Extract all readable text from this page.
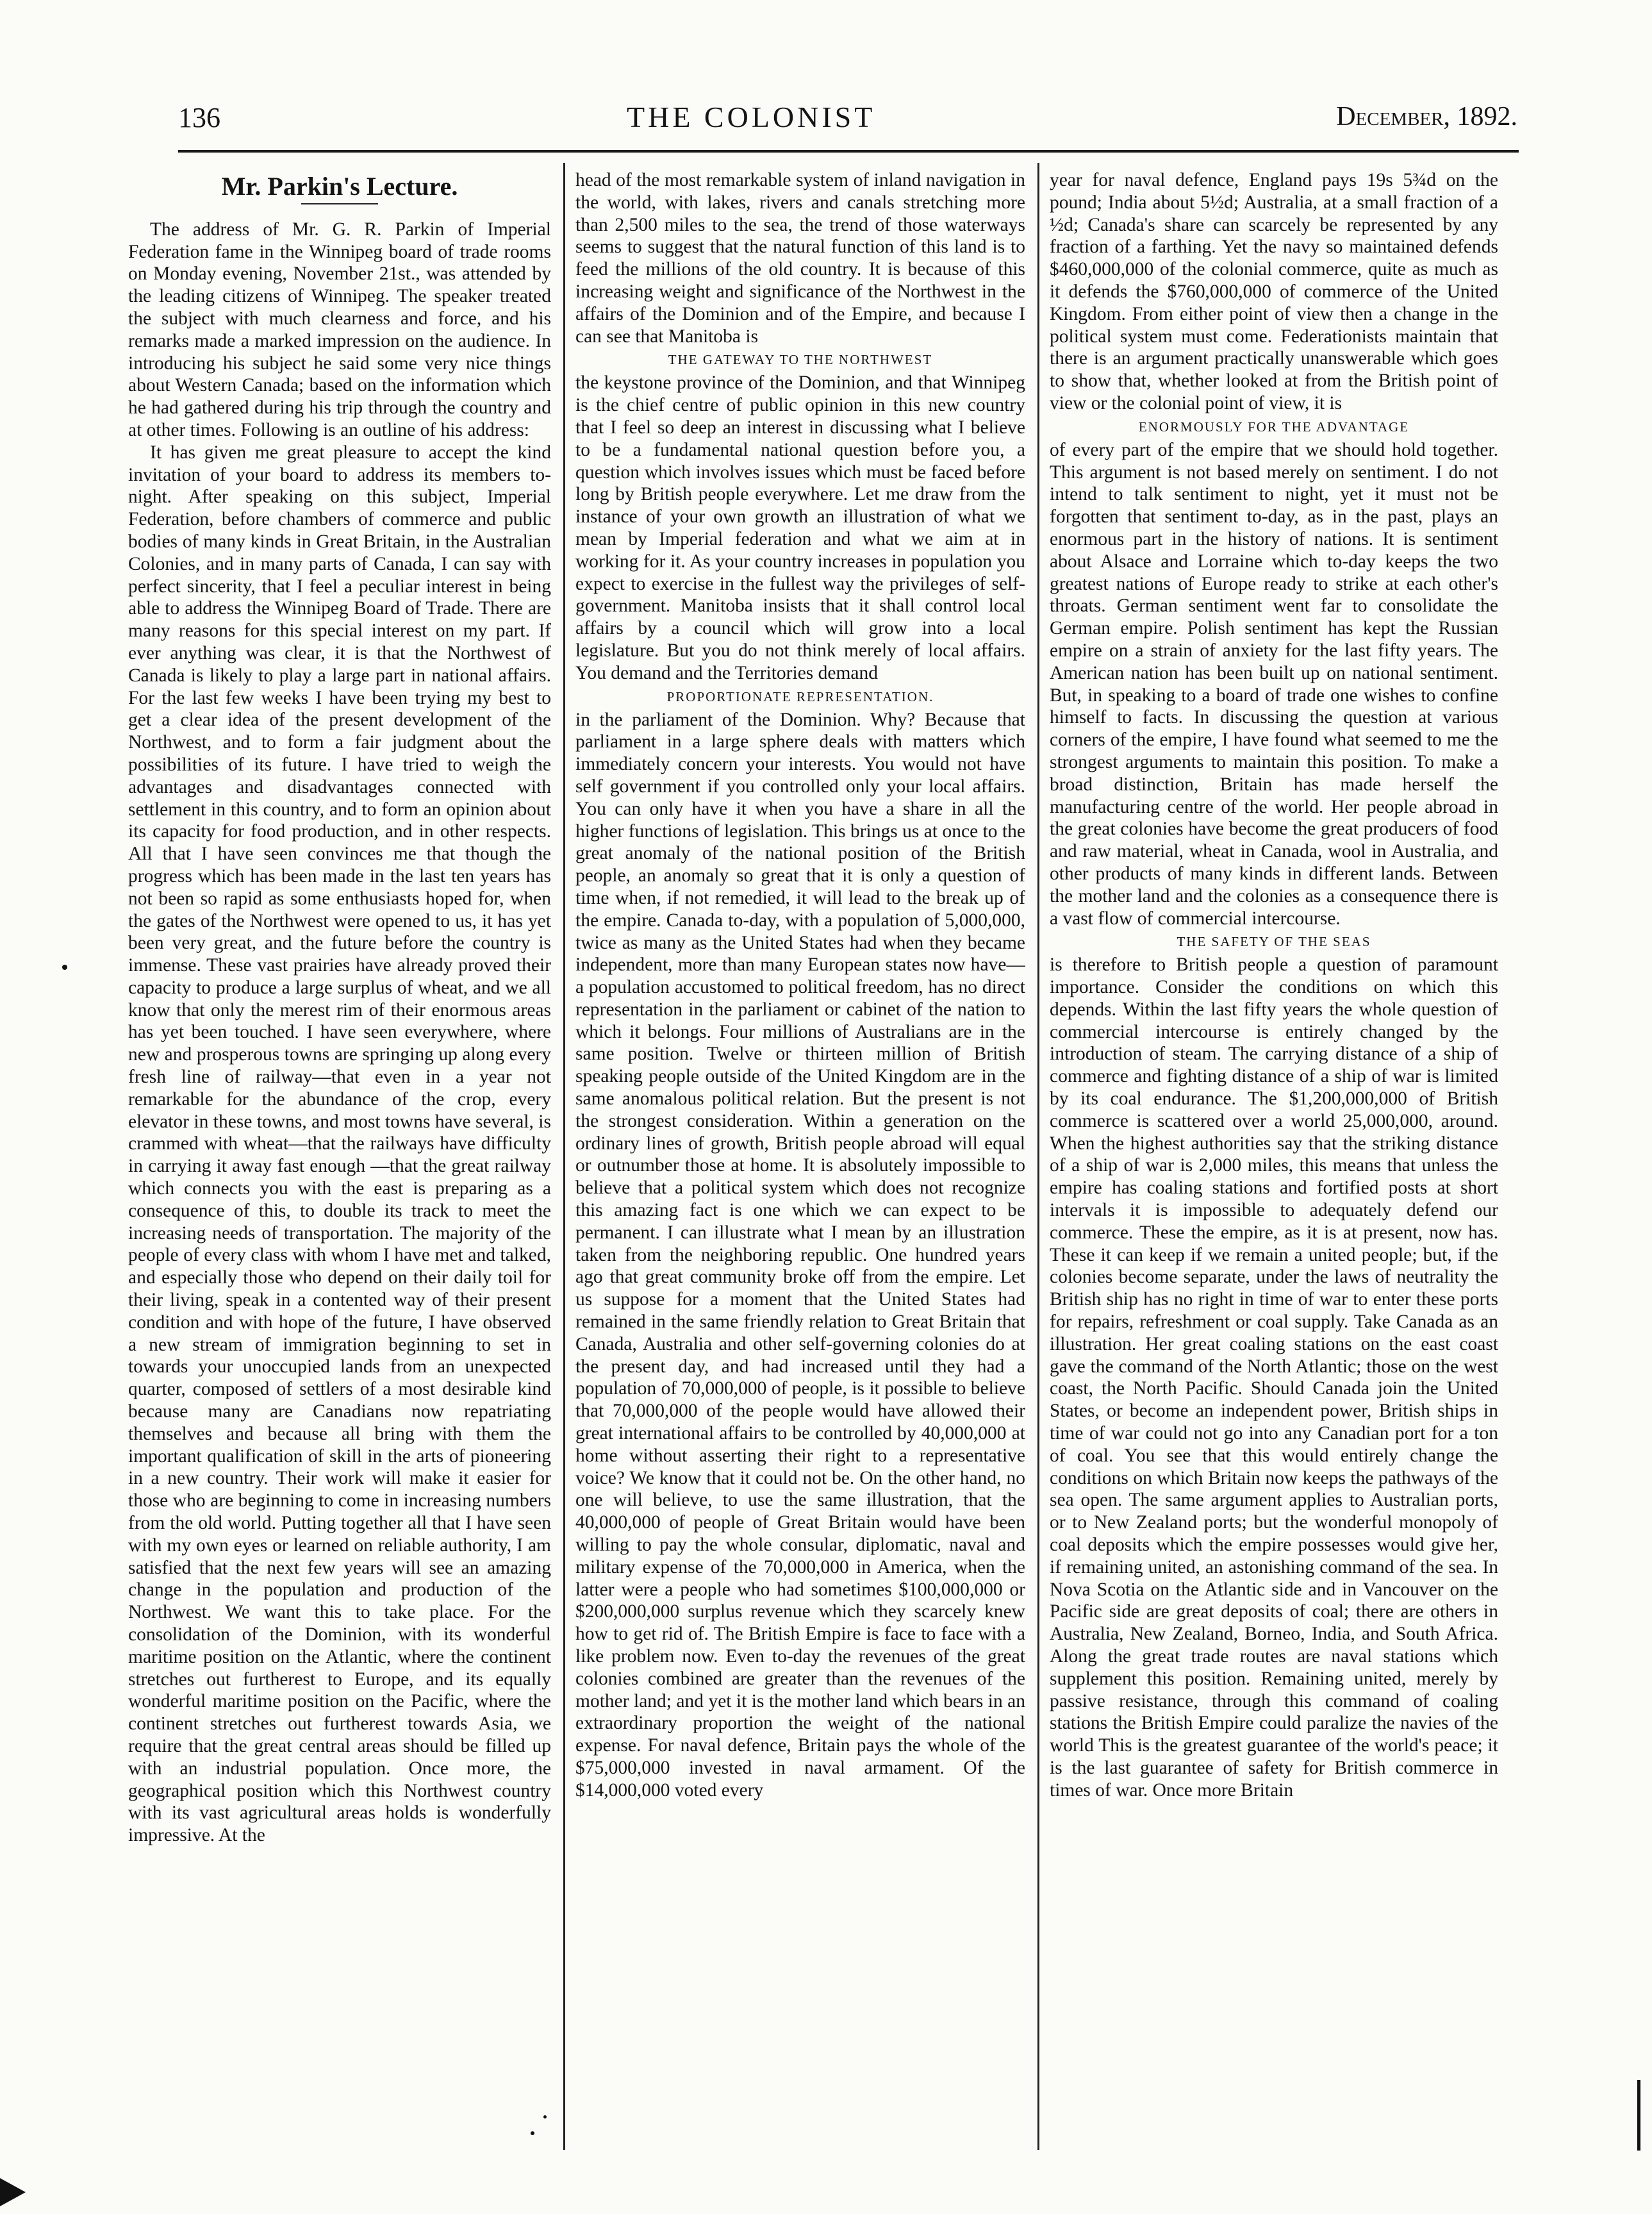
136	THE COLONIST	December, 1892.
Mr. Parkin's Lecture.

The address of Mr. G. R. Parkin of Imperial Federation fame in the Winnipeg board of trade rooms on Monday evening, November 21st., was attended by the leading citizens of Winnipeg. The speaker treated the subject with much clearness and force, and his remarks made a marked impression on the audience. In introducing his subject he said some very nice things about Western Canada; based on the information which he had gathered during his trip through the country and at other times. Following is an outline of his address:

It has given me great pleasure to accept the kind invitation of your board to address its members to-night. After speaking on this subject, Imperial Federation, before chambers of commerce and public bodies of many kinds in Great Britain, in the Australian Colonies, and in many parts of Canada, I can say with perfect sincerity, that I feel a peculiar interest in being able to address the Winnipeg Board of Trade. There are many reasons for this special interest on my part. If ever anything was clear, it is that the Northwest of Canada is likely to play a large part in national affairs. For the last few weeks I have been trying my best to get a clear idea of the present development of the Northwest, and to form a fair judgment about the possibilities of its future. I have tried to weigh the advantages and disadvantages connected with settlement in this country, and to form an opinion about its capacity for food production, and in other respects. All that I have seen convinces me that though the progress which has been made in the last ten years has not been so rapid as some enthusiasts hoped for, when the gates of the Northwest were opened to us, it has yet been very great, and the future before the country is immense. These vast prairies have already proved their capacity to produce a large surplus of wheat, and we all know that only the merest rim of their enormous areas has yet been touched. I have seen everywhere, where new and prosperous towns are springing up along every fresh line of railway—that even in a year not remarkable for the abundance of the crop, every elevator in these towns, and most towns have several, is crammed with wheat—that the railways have difficulty in carrying it away fast enough —that the great railway which connects you with the east is preparing as a consequence of this, to double its track to meet the increasing needs of transportation. The majority of the people of every class with whom I have met and talked, and especially those who depend on their daily toil for their living, speak in a contented way of their present condition and with hope of the future, I have observed a new stream of immigration beginning to set in towards your unoccupied lands from an unexpected quarter, composed of settlers of a most desirable kind because many are Canadians now repatriating themselves and because all bring with them the important qualification of skill in the arts of pioneering in a new country. Their work will make it easier for those who are beginning to come in increasing numbers from the old world. Putting together all that I have seen with my own eyes or learned on reliable authority, I am satisfied that the next few years will see an amazing change in the population and production of the Northwest. We want this to take place. For the consolidation of the Dominion, with its wonderful maritime position on the Atlantic, where the continent stretches out furtherest to Europe, and its equally wonderful maritime position on the Pacific, where the continent stretches out furtherest towards Asia, we require that the great central areas should be filled up with an industrial population. Once more, the geographical position which this Northwest country with its vast agricultural areas holds is wonderfully impressive. At the

head of the most remarkable system of inland navigation in the world, with lakes, rivers and canals stretching more than 2,500 miles to the sea, the trend of those waterways seems to suggest that the natural function of this land is to feed the millions of the old country. It is because of this increasing weight and significance of the Northwest in the affairs of the Dominion and of the Empire, and because I can see that Manitoba is

THE GATEWAY TO THE NORTHWEST

the keystone province of the Dominion, and that Winnipeg is the chief centre of public opinion in this new country that I feel so deep an interest in discussing what I believe to be a fundamental national question before you, a question which involves issues which must be faced before long by British people everywhere. Let me draw from the instance of your own growth an illustration of what we mean by Imperial federation and what we aim at in working for it. As your country increases in population you expect to exercise in the fullest way the privileges of self-government. Manitoba insists that it shall control local affairs by a council which will grow into a local legislature. But you do not think merely of local affairs. You demand and the Territories demand

PROPORTIONATE REPRESENTATION.

in the parliament of the Dominion. Why? Because that parliament in a large sphere deals with matters which immediately concern your interests. You would not have self government if you controlled only your local affairs. You can only have it when you have a share in all the higher functions of legislation. This brings us at once to the great anomaly of the national position of the British people, an anomaly so great that it is only a question of time when, if not remedied, it will lead to the break up of the empire. Canada to-day, with a population of 5,000,000, twice as many as the United States had when they became independent, more than many European states now have—a population accustomed to political freedom, has no direct representation in the parliament or cabinet of the nation to which it belongs. Four millions of Australians are in the same position. Twelve or thirteen million of British speaking people outside of the United Kingdom are in the same anomalous political relation. But the present is not the strongest consideration. Within a generation on the ordinary lines of growth, British people abroad will equal or outnumber those at home. It is absolutely impossible to believe that a political system which does not recognize this amazing fact is one which we can expect to be permanent. I can illustrate what I mean by an illustration taken from the neighboring republic. One hundred years ago that great community broke off from the empire. Let us suppose for a moment that the United States had remained in the same friendly relation to Great Britain that Canada, Australia and other self-governing colonies do at the present day, and had increased until they had a population of 70,000,000 of people, is it possible to believe that 70,000,000 of the people would have allowed their great international affairs to be controlled by 40,000,000 at home without asserting their right to a representative voice? We know that it could not be. On the other hand, no one will believe, to use the same illustration, that the 40,000,000 of people of Great Britain would have been willing to pay the whole consular, diplomatic, naval and military expense of the 70,000,000 in America, when the latter were a people who had sometimes $100,000,000 or $200,000,000 surplus revenue which they scarcely knew how to get rid of. The British Empire is face to face with a like problem now. Even to-day the revenues of the great colonies combined are greater than the revenues of the mother land; and yet it is the mother land which bears in an extraordinary proportion the weight of the national expense. For naval defence, Britain pays the whole of the $75,000,000 invested in naval armament. Of the $14,000,000 voted every

year for naval defence, England pays 19s 5¾d on the pound; India about 5½d; Australia, at a small fraction of a ½d; Canada's share can scarcely be represented by any fraction of a farthing. Yet the navy so maintained defends $460,000,000 of the colonial commerce, quite as much as it defends the $760,000,000 of commerce of the United Kingdom. From either point of view then a change in the political system must come. Federationists maintain that there is an argument practically unanswerable which goes to show that, whether looked at from the British point of view or the colonial point of view, it is

ENORMOUSLY FOR THE ADVANTAGE

of every part of the empire that we should hold together. This argument is not based merely on sentiment. I do not intend to talk sentiment to night, yet it must not be forgotten that sentiment to-day, as in the past, plays an enormous part in the history of nations. It is sentiment about Alsace and Lorraine which to-day keeps the two greatest nations of Europe ready to strike at each other's throats. German sentiment went far to consolidate the German empire. Polish sentiment has kept the Russian empire on a strain of anxiety for the last fifty years. The American nation has been built up on national sentiment. But, in speaking to a board of trade one wishes to confine himself to facts. In discussing the question at various corners of the empire, I have found what seemed to me the strongest arguments to maintain this position. To make a broad distinction, Britain has made herself the manufacturing centre of the world. Her people abroad in the great colonies have become the great producers of food and raw material, wheat in Canada, wool in Australia, and other products of many kinds in different lands. Between the mother land and the colonies as a consequence there is a vast flow of commercial intercourse.

THE SAFETY OF THE SEAS

is therefore to British people a question of paramount importance. Consider the conditions on which this depends. Within the last fifty years the whole question of commercial intercourse is entirely changed by the introduction of steam. The carrying distance of a ship of commerce and fighting distance of a ship of war is limited by its coal endurance. The $1,200,000,000 of British commerce is scattered over a world 25,000,000, around. When the highest authorities say that the striking distance of a ship of war is 2,000 miles, this means that unless the empire has coaling stations and fortified posts at short intervals it is impossible to adequately defend our commerce. These the empire, as it is at present, now has. These it can keep if we remain a united people; but, if the colonies become separate, under the laws of neutrality the British ship has no right in time of war to enter these ports for repairs, refreshment or coal supply. Take Canada as an illustration. Her great coaling stations on the east coast gave the command of the North Atlantic; those on the west coast, the North Pacific. Should Canada join the United States, or become an independent power, British ships in time of war could not go into any Canadian port for a ton of coal. You see that this would entirely change the conditions on which Britain now keeps the pathways of the sea open. The same argument applies to Australian ports, or to New Zealand ports; but the wonderful monopoly of coal deposits which the empire possesses would give her, if remaining united, an astonishing command of the sea. In Nova Scotia on the Atlantic side and in Vancouver on the Pacific side are great deposits of coal; there are others in Australia, New Zealand, Borneo, India, and South Africa. Along the great trade routes are naval stations which supplement this position. Remaining united, merely by passive resistance, through this command of coaling stations the British Empire could paralize the navies of the world This is the greatest guarantee of the world's peace; it is the last guarantee of safety for British commerce in times of war. Once more Britain
